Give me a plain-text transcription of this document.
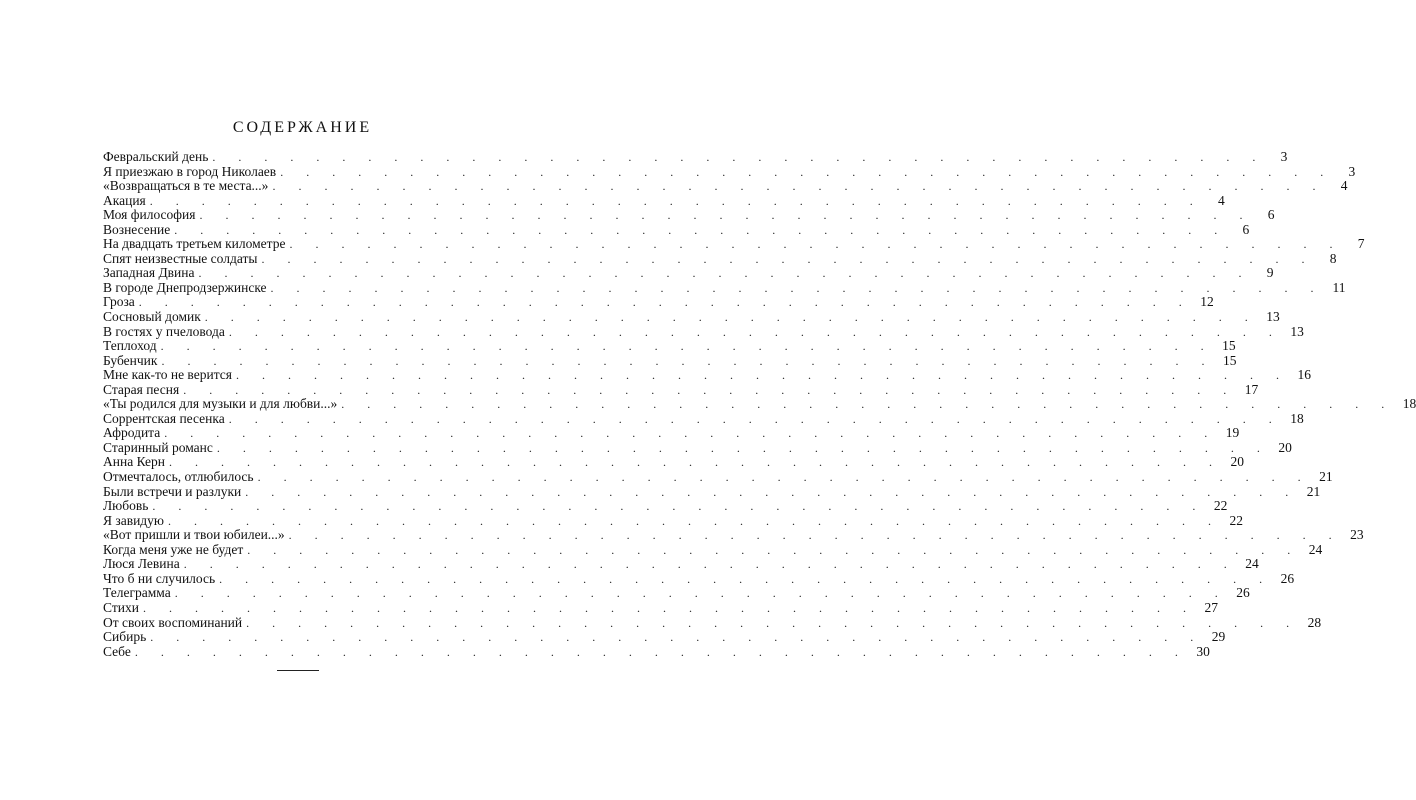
СОДЕРЖАНИЕ
Февральский день . . . . . . . . . . . . . . . . . . . . . . . . . . . . . . . . . . . . . . . . .	3
Я приезжаю в город Николаев . . . . . . . . . . . . . . . . . . . . . . . . . . . . . . . . . . . . . . . . .	3
«Возвращаться в те места...» . . . . . . . . . . . . . . . . . . . . . . . . . . . . . . . . . . . . . . . . .	4
Акация . . . . . . . . . . . . . . . . . . . . . . . . . . . . . . . . . . . . . . . . .	4
Моя философия . . . . . . . . . . . . . . . . . . . . . . . . . . . . . . . . . . . . . . . . .	6
Вознесение . . . . . . . . . . . . . . . . . . . . . . . . . . . . . . . . . . . . . . . . .	6
На двадцать третьем километре . . . . . . . . . . . . . . . . . . . . . . . . . . . . . . . . . . . . . . . . .	7
Спят неизвестные солдаты . . . . . . . . . . . . . . . . . . . . . . . . . . . . . . . . . . . . . . . . .	8
Западная Двина . . . . . . . . . . . . . . . . . . . . . . . . . . . . . . . . . . . . . . . . .	9
В городе Днепродзержинске . . . . . . . . . . . . . . . . . . . . . . . . . . . . . . . . . . . . . . . . . 11
Гроза . . . . . . . . . . . . . . . . . . . . . . . . . . . . . . . . . . . . . . . . . 12
Сосновый домик . . . . . . . . . . . . . . . . . . . . . . . . . . . . . . . . . . . . . . . . . 13
В гостях у пчеловода . . . . . . . . . . . . . . . . . . . . . . . . . . . . . . . . . . . . . . . . . 13
Теплоход . . . . . . . . . . . . . . . . . . . . . . . . . . . . . . . . . . . . . . . . . 15
Бубенчик . . . . . . . . . . . . . . . . . . . . . . . . . . . . . . . . . . . . . . . . . 15
Мне как-то не верится . . . . . . . . . . . . . . . . . . . . . . . . . . . . . . . . . . . . . . . . . 16
Старая песня . . . . . . . . . . . . . . . . . . . . . . . . . . . . . . . . . . . . . . . . . 17
«Ты родился для музыки и для любви...» . . . . . . . . . . . . . . . . . . . . . . . . . . . . . . . . . . . . . . . . . 18
Соррентская песенка . . . . . . . . . . . . . . . . . . . . . . . . . . . . . . . . . . . . . . . . . 18
Афродита . . . . . . . . . . . . . . . . . . . . . . . . . . . . . . . . . . . . . . . . . 19
Старинный романс . . . . . . . . . . . . . . . . . . . . . . . . . . . . . . . . . . . . . . . . . 20
Анна Керн . . . . . . . . . . . . . . . . . . . . . . . . . . . . . . . . . . . . . . . . . 20
Отмечталось, отлюбилось . . . . . . . . . . . . . . . . . . . . . . . . . . . . . . . . . . . . . . . . . 21
Были встречи и разлуки . . . . . . . . . . . . . . . . . . . . . . . . . . . . . . . . . . . . . . . . . 21
Любовь . . . . . . . . . . . . . . . . . . . . . . . . . . . . . . . . . . . . . . . . . 22
Я завидую . . . . . . . . . . . . . . . . . . . . . . . . . . . . . . . . . . . . . . . . . 22
«Вот пришли и твои юбилеи...» . . . . . . . . . . . . . . . . . . . . . . . . . . . . . . . . . . . . . . . . . 23
Когда меня уже не будет . . . . . . . . . . . . . . . . . . . . . . . . . . . . . . . . . . . . . . . . . 24
Люся Левина . . . . . . . . . . . . . . . . . . . . . . . . . . . . . . . . . . . . . . . . . 24
Что б ни случилось . . . . . . . . . . . . . . . . . . . . . . . . . . . . . . . . . . . . . . . . . 26
Телеграмма . . . . . . . . . . . . . . . . . . . . . . . . . . . . . . . . . . . . . . . . . 26
Стихи . . . . . . . . . . . . . . . . . . . . . . . . . . . . . . . . . . . . . . . . . 27
От своих воспоминаний . . . . . . . . . . . . . . . . . . . . . . . . . . . . . . . . . . . . . . . . . 28
Сибирь . . . . . . . . . . . . . . . . . . . . . . . . . . . . . . . . . . . . . . . . . 29
Себе . . . . . . . . . . . . . . . . . . . . . . . . . . . . . . . . . . . . . . . . . 30
